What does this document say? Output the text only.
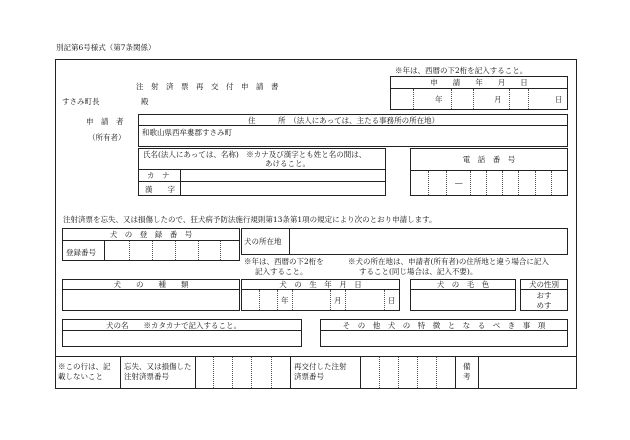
別記第6号様式（第7条関係）
※年は、西暦の下2桁を記入すること。
注　射　済　票　再　交　付　申　請　書
すさみ町長	殿
申　　請　　年　　月　　日
年	月	日
申　請　者
（所有者）
住　　　所　（法人にあっては、主たる事務所の所在地）
和歌山県西牟婁郡すさみ町
氏名(法人にあっては、名称)　※カナ及び漢字とも姓と名の間は、
あけること。
カ　ナ
漢　　字
電　話　番　号
―
注射済票を忘失、又は損傷したので、狂犬病予防法施行規則第13条第1項の規定により次のとおり申請します。
犬　の　登　録　番　号
登録番号
犬の所在地
※年は、西暦の下2桁を
記入すること。
※犬の所在地は、申請者(所有者)の住所地と違う場合に記入
すること(同じ場合は、記入不要)。
犬　　の　　種　　類	犬　の　生　年　月　日
年	月	日
犬　の　毛　色	犬の性別
おす
めす
犬の名　　※カタカナで記入すること。	そ　の　他　犬　の　特　徴　と　な　る　べ　き　事　項
※この行は、記
載しないこと
忘失、又は損傷した
注射済票番号
再交付した注射
済票番号
備
考
